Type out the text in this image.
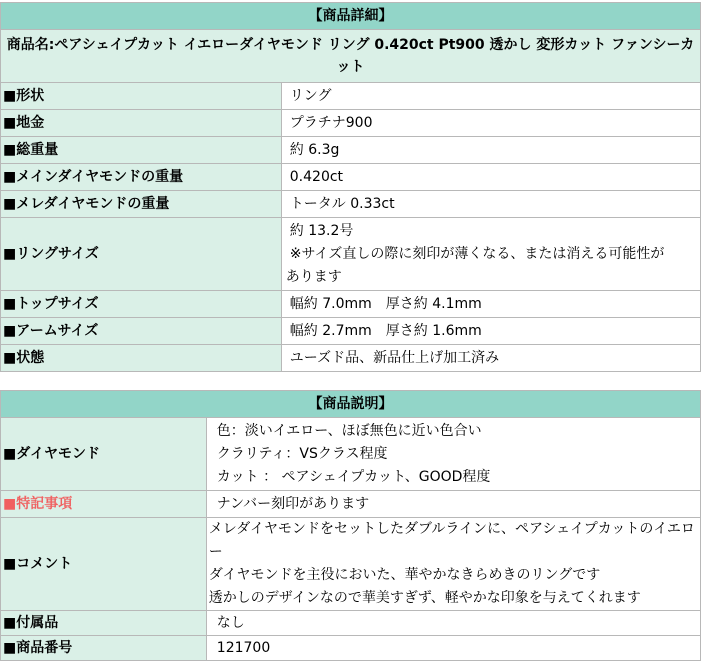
【商品詳細】	
商品名:ペアシェイプカット イエローダイヤモンド リング 0.420ct Pt900 透かし 変形カット ファンシーカット	
■形状	リング
■地金	プラチナ900
■総重量	約 6.3g
■メインダイヤモンドの重量	0.420ct
■メレダイヤモンドの重量	トータル 0.33ct
■リングサイズ	約 13.2号
※サイズ直しの際に刻印が薄くなる、または消える可能性が
あります

■トップサイズ	幅約 7.0mm　厚さ約 4.1mm
■アームサイズ	幅約 2.7mm　厚さ約 1.6mm
■状態	ユーズド品、新品仕上げ加工済み
【商品説明】	
■ダイヤモンド	色：淡いイエロー、ほぼ無色に近い色合い
クラリティ：VSクラス程度
カット ： ペアシェイプカット、GOOD程度

■特記事項	ナンバー刻印があります
■コメント	メレダイヤモンドをセットしたダブルラインに、ペアシェイプカットのイエロー
ダイヤモンドを主役においた、華やかなきらめきのリングです
透かしのデザインなので華美すぎず、軽やかな印象を与えてくれます

■付属品	なし
■商品番号	121700
